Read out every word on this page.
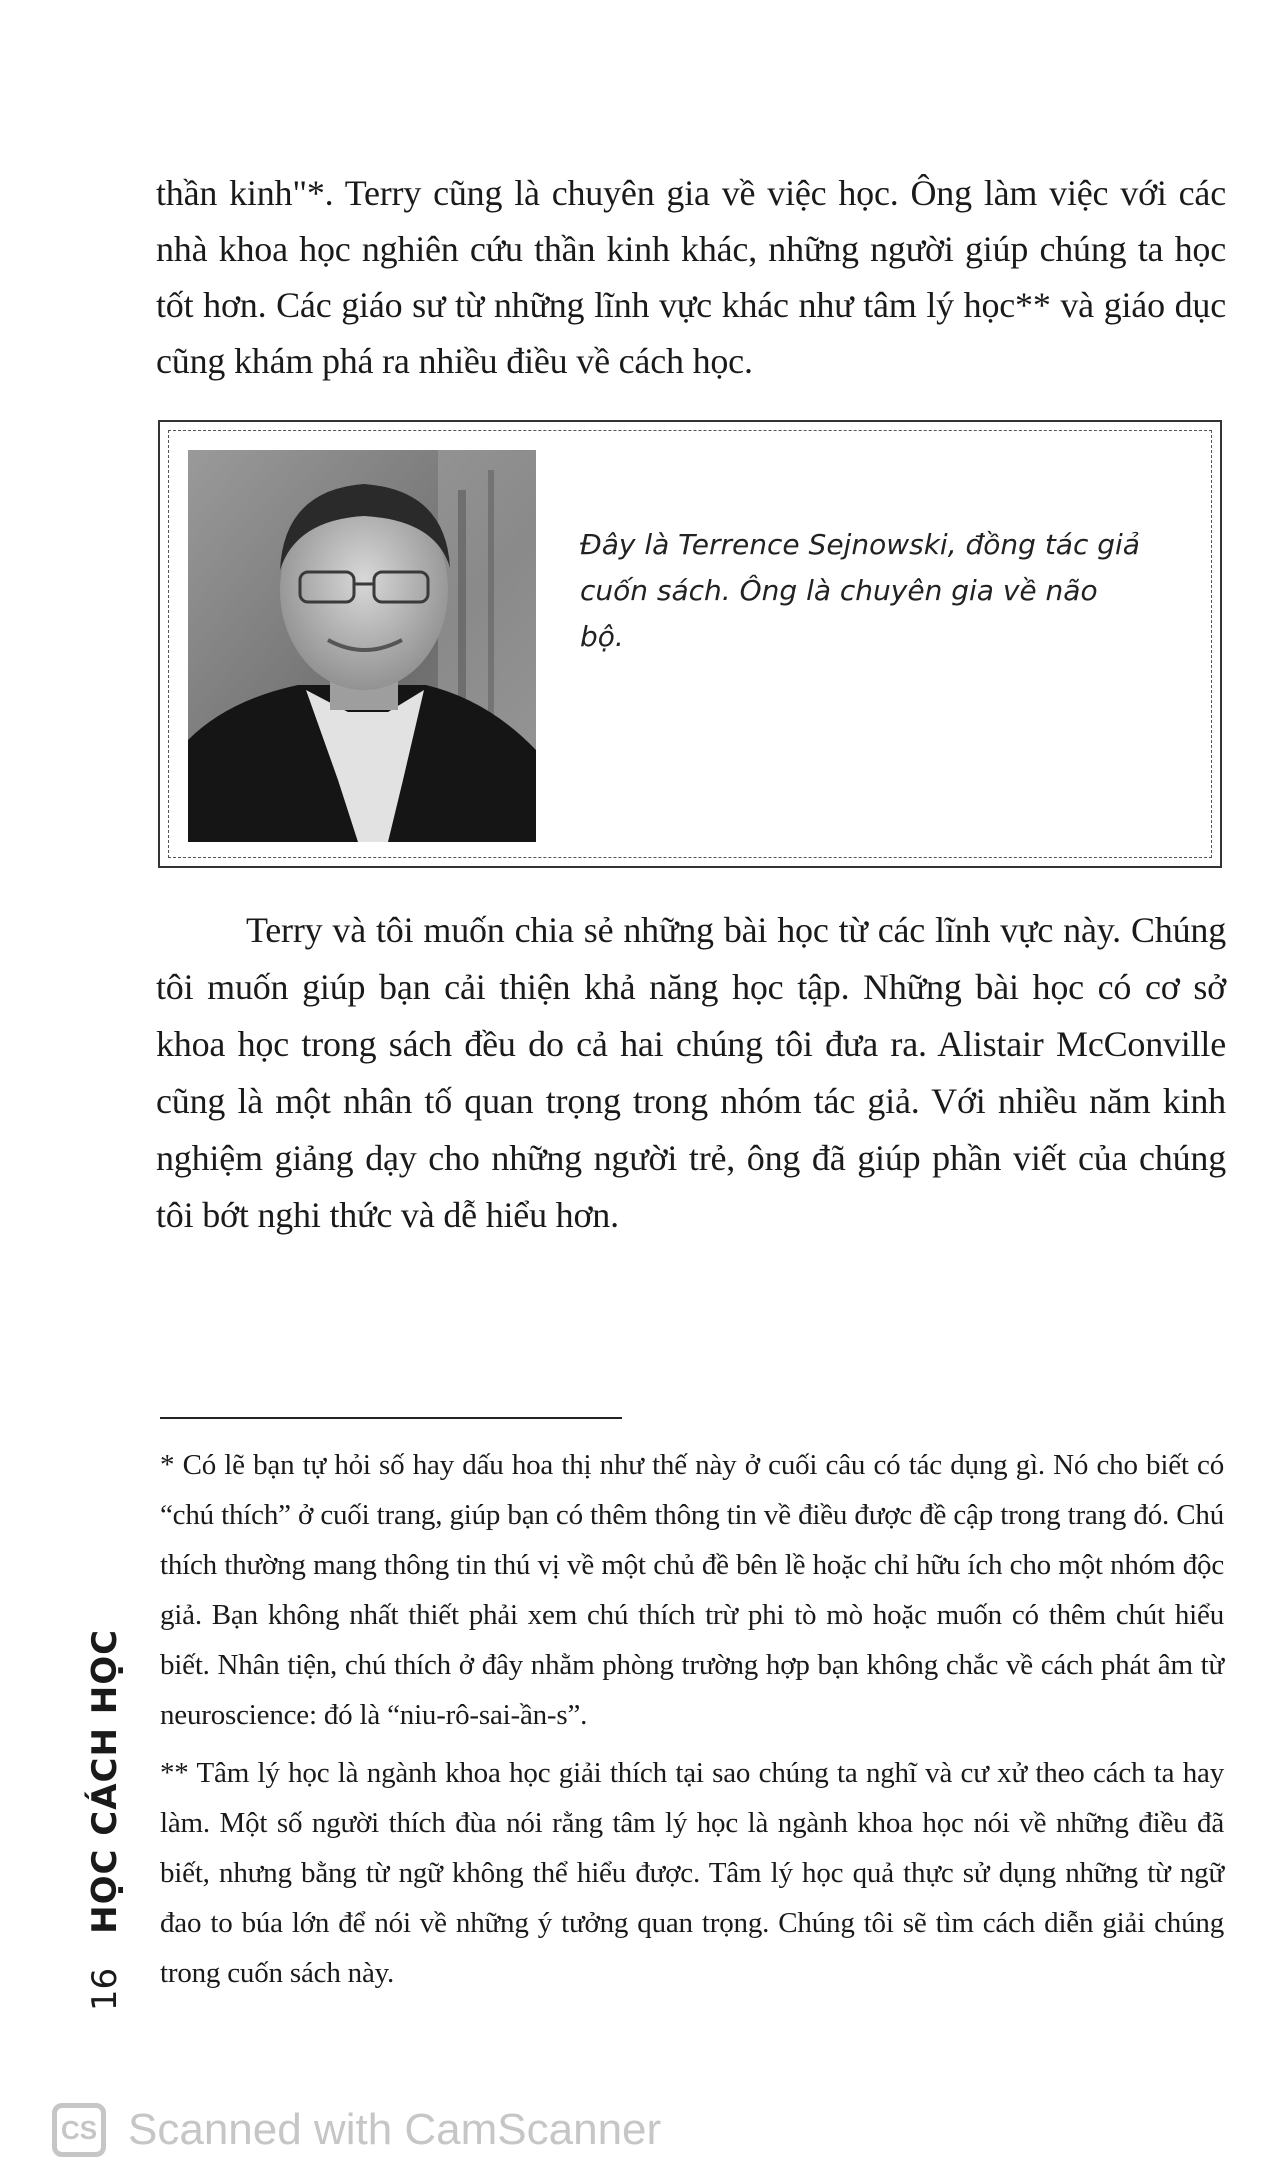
thần kinh"*. Terry cũng là chuyên gia về việc học. Ông làm việc với các nhà khoa học nghiên cứu thần kinh khác, những người giúp chúng ta học tốt hơn. Các giáo sư từ những lĩnh vực khác như tâm lý học** và giáo dục cũng khám phá ra nhiều điều về cách học.

Đây là Terrence Sejnowski, đồng tác giả cuốn sách. Ông là chuyên gia về não bộ.

Terry và tôi muốn chia sẻ những bài học từ các lĩnh vực này. Chúng tôi muốn giúp bạn cải thiện khả năng học tập. Những bài học có cơ sở khoa học trong sách đều do cả hai chúng tôi đưa ra. Alistair McConville cũng là một nhân tố quan trọng trong nhóm tác giả. Với nhiều năm kinh nghiệm giảng dạy cho những người trẻ, ông đã giúp phần viết của chúng tôi bớt nghi thức và dễ hiểu hơn.

* Có lẽ bạn tự hỏi số hay dấu hoa thị như thế này ở cuối câu có tác dụng gì. Nó cho biết có “chú thích” ở cuối trang, giúp bạn có thêm thông tin về điều được đề cập trong trang đó. Chú thích thường mang thông tin thú vị về một chủ đề bên lề hoặc chỉ hữu ích cho một nhóm độc giả. Bạn không nhất thiết phải xem chú thích trừ phi tò mò hoặc muốn có thêm chút hiểu biết. Nhân tiện, chú thích ở đây nhằm phòng trường hợp bạn không chắc về cách phát âm từ neuroscience: đó là “niu-rô-sai-ần-s”.

** Tâm lý học là ngành khoa học giải thích tại sao chúng ta nghĩ và cư xử theo cách ta hay làm. Một số người thích đùa nói rằng tâm lý học là ngành khoa học nói về những điều đã biết, nhưng bằng từ ngữ không thể hiểu được. Tâm lý học quả thực sử dụng những từ ngữ đao to búa lớn để nói về những ý tưởng quan trọng. Chúng tôi sẽ tìm cách diễn giải chúng trong cuốn sách này.

16HỌC CÁCH HỌC
CS Scanned with CamScanner
